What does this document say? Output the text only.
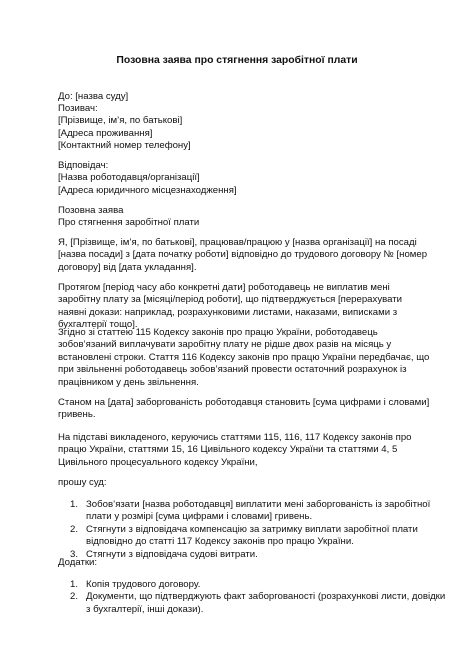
Позовна заява про стягнення заробітної плати
До: [назва суду]
Позивач:
[Прізвище, ім’я, по батькові]
[Адреса проживання]
[Контактний номер телефону]
Відповідач:
[Назва роботодавця/організації]
[Адреса юридичного місцезнаходження]
Позовна заява
Про стягнення заробітної плати
Я, [Прізвище, ім’я, по батькові], працював/працюю у [назва організації] на посаді [назва посади] з [дата початку роботи] відповідно до трудового договору № [номер договору] від [дата укладання].
Протягом [період часу або конкретні дати] роботодавець не виплатив мені заробітну плату за [місяці/період роботи], що підтверджується [перерахувати наявні докази: наприклад, розрахунковими листами, наказами, виписками з бухгалтерії тощо].
Згідно зі статтею 115 Кодексу законів про працю України, роботодавець зобов’язаний виплачувати заробітну плату не рідше двох разів на місяць у встановлені строки. Стаття 116 Кодексу законів про працю України передбачає, що при звільненні роботодавець зобов’язаний провести остаточний розрахунок із працівником у день звільнення.
Станом на [дата] заборгованість роботодавця становить [сума цифрами і словами] гривень.
На підставі викладеного, керуючись статтями 115, 116, 117 Кодексу законів про працю України, статтями 15, 16 Цивільного кодексу України та статтями 4, 5 Цивільного процесуального кодексу України,
прошу суд:
1. Зобов’язати [назва роботодавця] виплатити мені заборгованість із заробітної
плати у розмірі [сума цифрами і словами] гривень.
2. Стягнути з відповідача компенсацію за затримку виплати заробітної плати
відповідно до статті 117 Кодексу законів про працю України.
3. Стягнути з відповідача судові витрати.
Додатки:
1. Копія трудового договору.
2. Документи, що підтверджують факт заборгованості (розрахункові листи, довідки
з бухгалтерії, інші докази).
